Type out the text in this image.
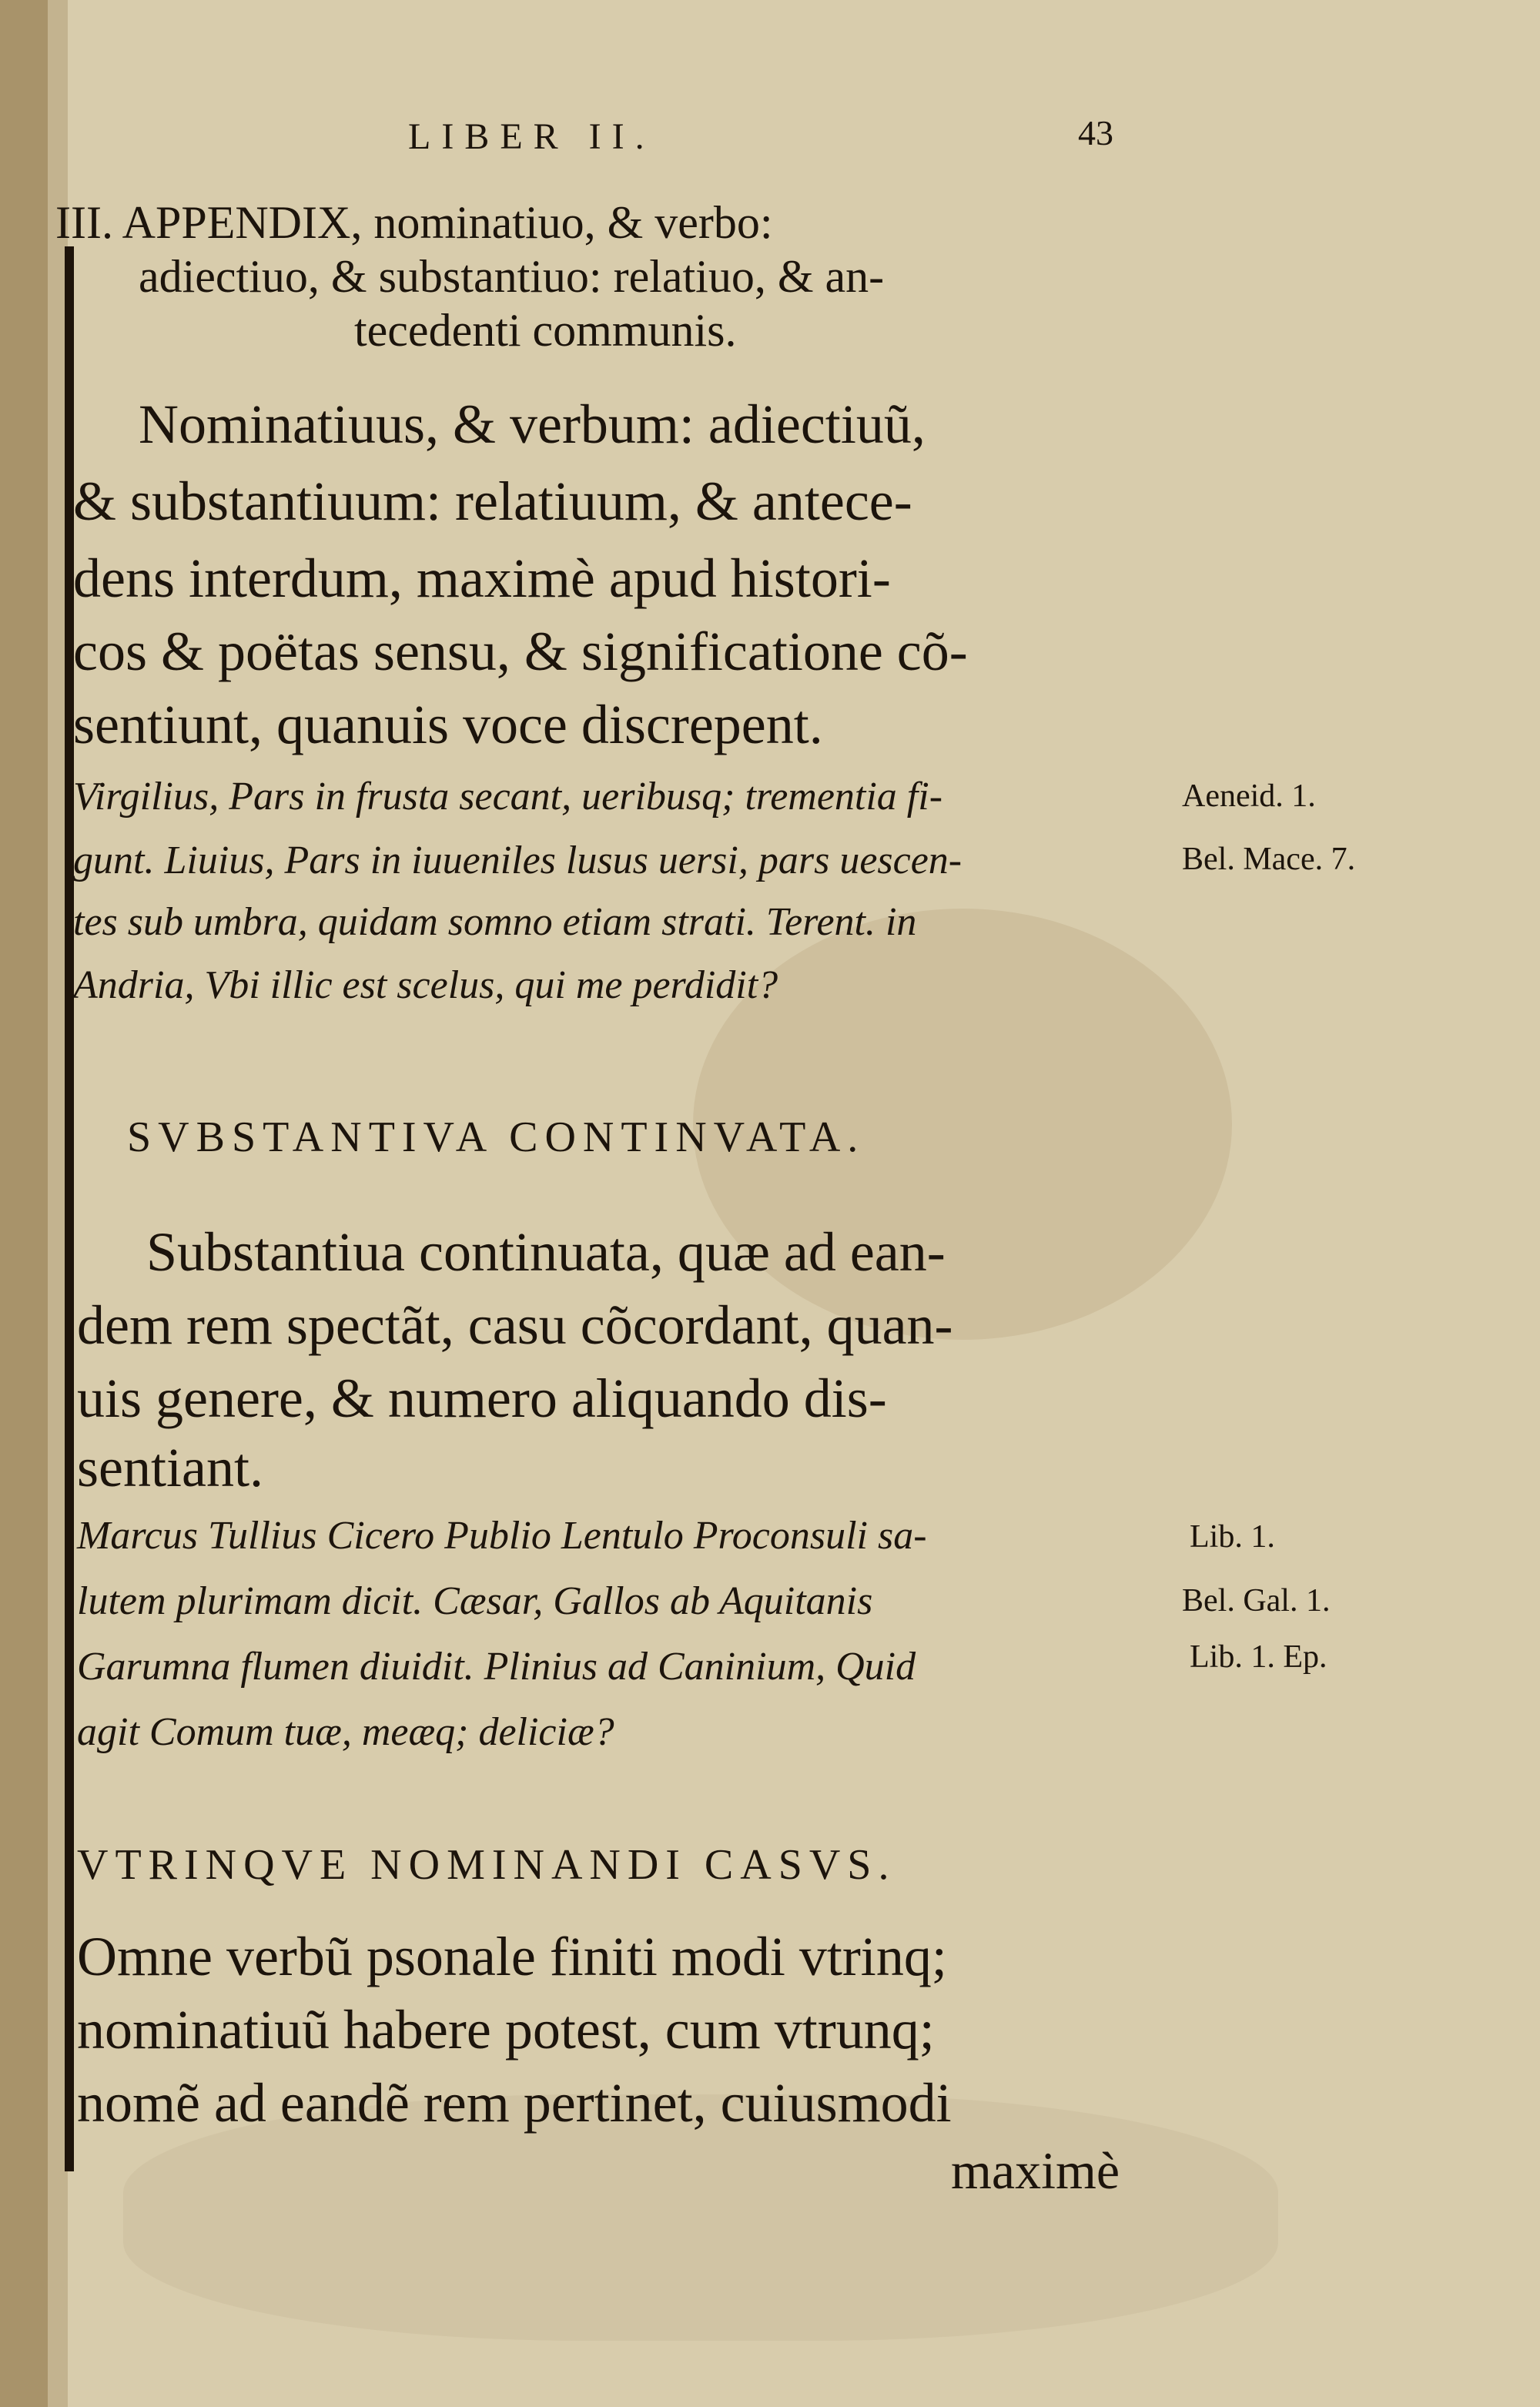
LIBER II.	43
III. APPENDIX, nominatiuo, & verbo:
adiectiuo, & substantiuo: relatiuo, & an-
tecedenti communis.
Nominatiuus, & verbum: adiectiuũ,
& substantiuum: relatiuum, & antece-
dens interdum, maximè apud histori-
cos & poëtas sensu, & significatione cõ-
sentiunt, quanuis voce discrepent.
Virgilius, Pars in frusta secant, ueribusq; trementia fi-
gunt. Liuius, Pars in iuueniles lusus uersi, pars uescen-
tes sub umbra, quidam somno etiam strati. Terent. in
Andria, Vbi illic est scelus, qui me perdidit?
Aeneid. 1.
Bel. Mace. 7.
SVBSTANTIVA CONTINVATA.
Substantiua continuata, quæ ad ean-
dem rem spectãt, casu cõcordant, quan-
uis genere, & numero aliquando dis-
sentiant.
Marcus Tullius Cicero Publio Lentulo Proconsuli sa-
lutem plurimam dicit. Cæsar, Gallos ab Aquitanis
Garumna flumen diuidit. Plinius ad Caninium, Quid
agit Comum tuæ, meæq; deliciæ?
Lib. 1.
Bel. Gal. 1.
Lib. 1. Ep.
VTRINQVE NOMINANDI CASVS.
Omne verbũ psonale finiti modi vtrinq;
nominatiuũ habere potest, cum vtrunq;
nomẽ ad eandẽ rem pertinet, cuiusmodi
maximè
